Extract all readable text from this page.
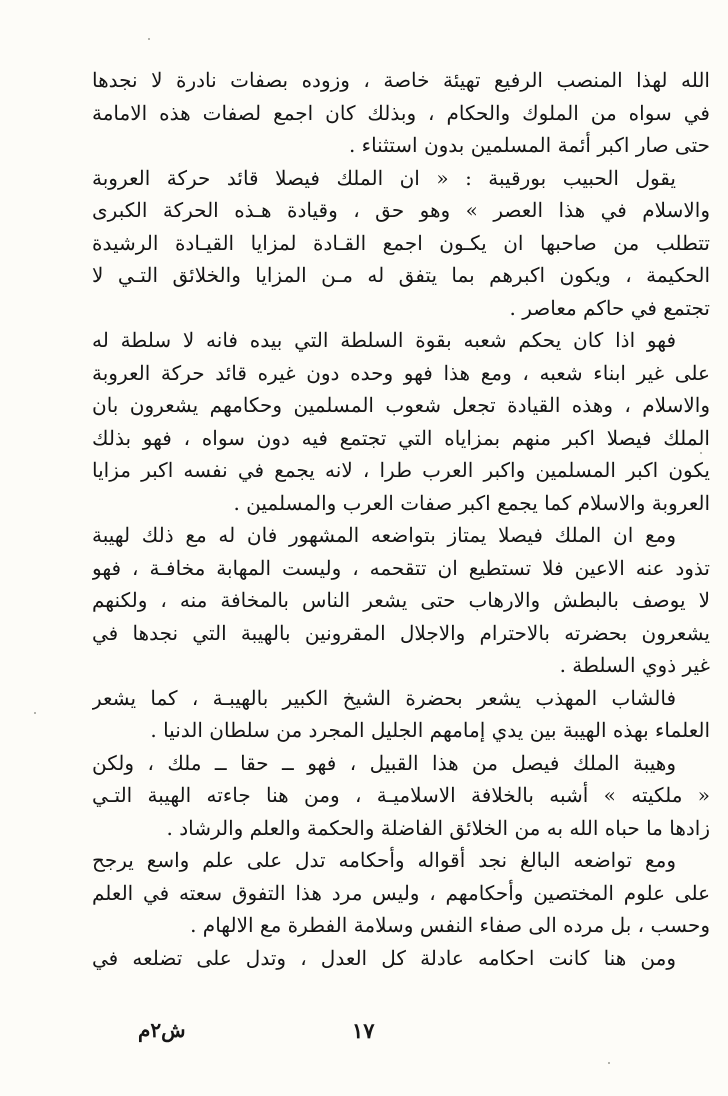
الله لهذا المنصب الرفيع تهيئة خاصة ، وزوده بصفات نادرة لا نجدها
في سواه من الملوك والحكام ، وبذلك كان اجمع لصفات هذه الامامة
حتى صار اكبر أئمة المسلمين بدون استثناء .
يقول الحبيب بورقيبة : « ان الملك فيصلا قائد حركة العروبة
والاسلام في هذا العصر » وهو حق ، وقيادة هـذه الحركة الكبرى
تتطلب من صاحبها ان يكـون اجمع القـادة لمزايا القيـادة الرشيدة
الحكيمة ، ويكون اكبرهم بما يتفق له مـن المزايا والخلائق التـي لا
تجتمع في حاكم معاصر .
فهو اذا كان يحكم شعبه بقوة السلطة التي بيده فانه لا سلطة له
على غير ابناء شعبه ، ومع هذا فهو وحده دون غيره قائد حركة العروبة
والاسلام ، وهذه القيادة تجعل شعوب المسلمين وحكامهم يشعرون بان
الملك فيصلا اكبر منهم بمزاياه التي تجتمع فيه دون سواه ، فهو بذلك
يكون اكبر المسلمين واكبر العرب طرا ، لانه يجمع في نفسه اكبر مزايا
العروبة والاسلام كما يجمع اكبر صفات العرب والمسلمين .
ومع ان الملك فيصلا يمتاز بتواضعه المشهور فان له مع ذلك لهيبة
تذود عنه الاعين فلا تستطيع ان تتقحمه ، وليست المهابة مخافـة ، فهو
لا يوصف بالبطش والارهاب حتى يشعر الناس بالمخافة منه ، ولكنهم
يشعرون بحضرته بالاحترام والاجلال المقرونين بالهيبة التي نجدها في
غير ذوي السلطة .
فالشاب المهذب يشعر بحضرة الشيخ الكبير بالهيبـة ، كما يشعر
العلماء بهذه الهيبة بين يدي إمامهم الجليل المجرد من سلطان الدنيا .
وهيبة الملك فيصل من هذا القبيل ، فهو ــ حقا ــ ملك ، ولكن
« ملكيته » أشبه بالخلافة الاسلاميـة ، ومن هنا جاءته الهيبة التـي
زادها ما حباه الله به من الخلائق الفاضلة والحكمة والعلم والرشاد .
ومع تواضعه البالغ نجد أقواله وأحكامه تدل على علم واسع يرجح
على علوم المختصين وأحكامهم ، وليس مرد هذا التفوق سعته في العلم
وحسب ، بل مرده الى صفاء النفس وسلامة الفطرة مع الالهام .
ومن هنا كانت احكامه عادلة كل العدل ، وتدل على تضلعه في
١٧
ش٢م
